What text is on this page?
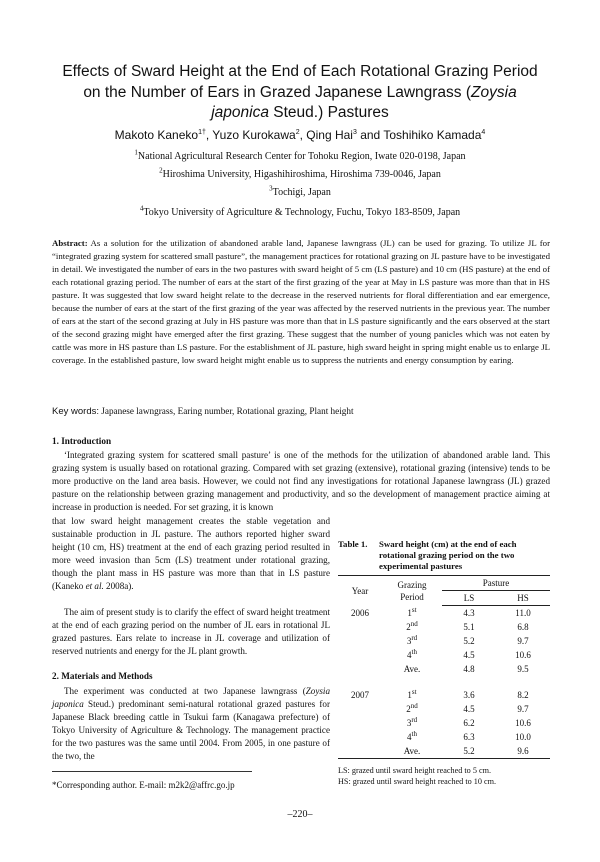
Effects of Sward Height at the End of Each Rotational Grazing Period
on the Number of Ears in Grazed Japanese Lawngrass (Zoysia
japonica Steud.) Pastures
Makoto Kaneko$^{1\dagger}$, Yuzo Kurokawa$^2$, Qing Hai$^3$ and Toshihiko Kamada$^4$
$^1$National Agricultural Research Center for Tohoku Region, Iwate 020-0198, Japan
$^2$Hiroshima University, Higashihiroshima, Hiroshima 739-0046, Japan
$^3$Tochigi, Japan
$^4$Tokyo University of Agriculture & Technology, Fuchu, Tokyo 183-8509, Japan
Abstract: As a solution for the utilization of abandoned arable land, Japanese lawngrass (JL) can be used for grazing. To utilize JL for “integrated grazing system for scattered small pasture”, the management practices for rotational grazing on JL pasture have to be investigated in detail. We investigated the number of ears in the two pastures with sward height of 5 cm (LS pasture) and 10 cm (HS pasture) at the end of each rotational grazing period. The number of ears at the start of the first grazing of the year at May in LS pasture was more than that in HS pasture. It was suggested that low sward height relate to the decrease in the reserved nutrients for floral differentiation and ear emergence, because the number of ears at the start of the first grazing of the year was affected by the reserved nutrients in the previous year. The number of ears at the start of the second grazing at July in HS pasture was more than that in LS pasture significantly and the ears observed at the start of the second grazing might have emerged after the first grazing. These suggest that the number of young panicles which was not eaten by cattle was more in HS pasture than LS pasture. For the establishment of JL pasture, high sward height in spring might enable us to enlarge JL coverage. In the established pasture, low sward height might enable us to suppress the nutrients and energy consumption by earing.
Key words: Japanese lawngrass, Earing number, Rotational grazing, Plant height
1. Introduction
‘Integrated grazing system for scattered small pasture’ is one of the methods for the utilization of abandoned arable land. This grazing system is usually based on rotational grazing. Compared with set grazing (extensive), rotational grazing (intensive) tends to be more productive on the land area basis. However, we could not find any investigations for rotational Japanese lawngrass (JL) grazed pasture on the relationship between grazing management and productivity, and so the development of management practice aiming at increase in production is needed. For set grazing, it is known
that low sward height management creates the stable vegetation and sustainable production in JL pasture. The authors reported higher sward height (10 cm, HS) treatment at the end of each grazing period resulted in more weed invasion than 5cm (LS) treatment under rotational grazing, though the plant mass in HS pasture was more than that in LS pasture (Kaneko et al. 2008a).
The aim of present study is to clarify the effect of sward height treatment at the end of each grazing period on the number of JL ears in rotational JL grazed pastures. Ears relate to increase in JL coverage and utilization of reserved nutrients and energy for the JL plant growth.
2. Materials and Methods
The experiment was conducted at two Japanese lawngrass (Zoysia japonica Steud.) predominant semi-natural rotational grazed pastures for Japanese Black breeding cattle in Tsukui farm (Kanagawa prefecture) of Tokyo University of Agriculture & Technology. The management practice for the two pastures was the same until 2004. From 2005, in one pasture of the two, the
Table 1.	Sward height (cm) at the end of each rotational grazing period on the two experimental pastures
Year	Grazing
Period	Pasture	
		LS	HS
2006	1st	4.3	11.0
	2nd	5.1	6.8
	3rd	5.2	9.7
	4th	4.5	10.6
	Ave.	4.8	9.5

2007	1st	3.6	8.2
	2nd	4.5	9.7
	3rd	6.2	10.6
	4th	6.3	10.0
	Ave.	5.2	9.6
LS: grazed until sward height reached to 5 cm.
HS: grazed until sward height reached to 10 cm.
*Corresponding author. E-mail: m2k2@affrc.go.jp
–220–
